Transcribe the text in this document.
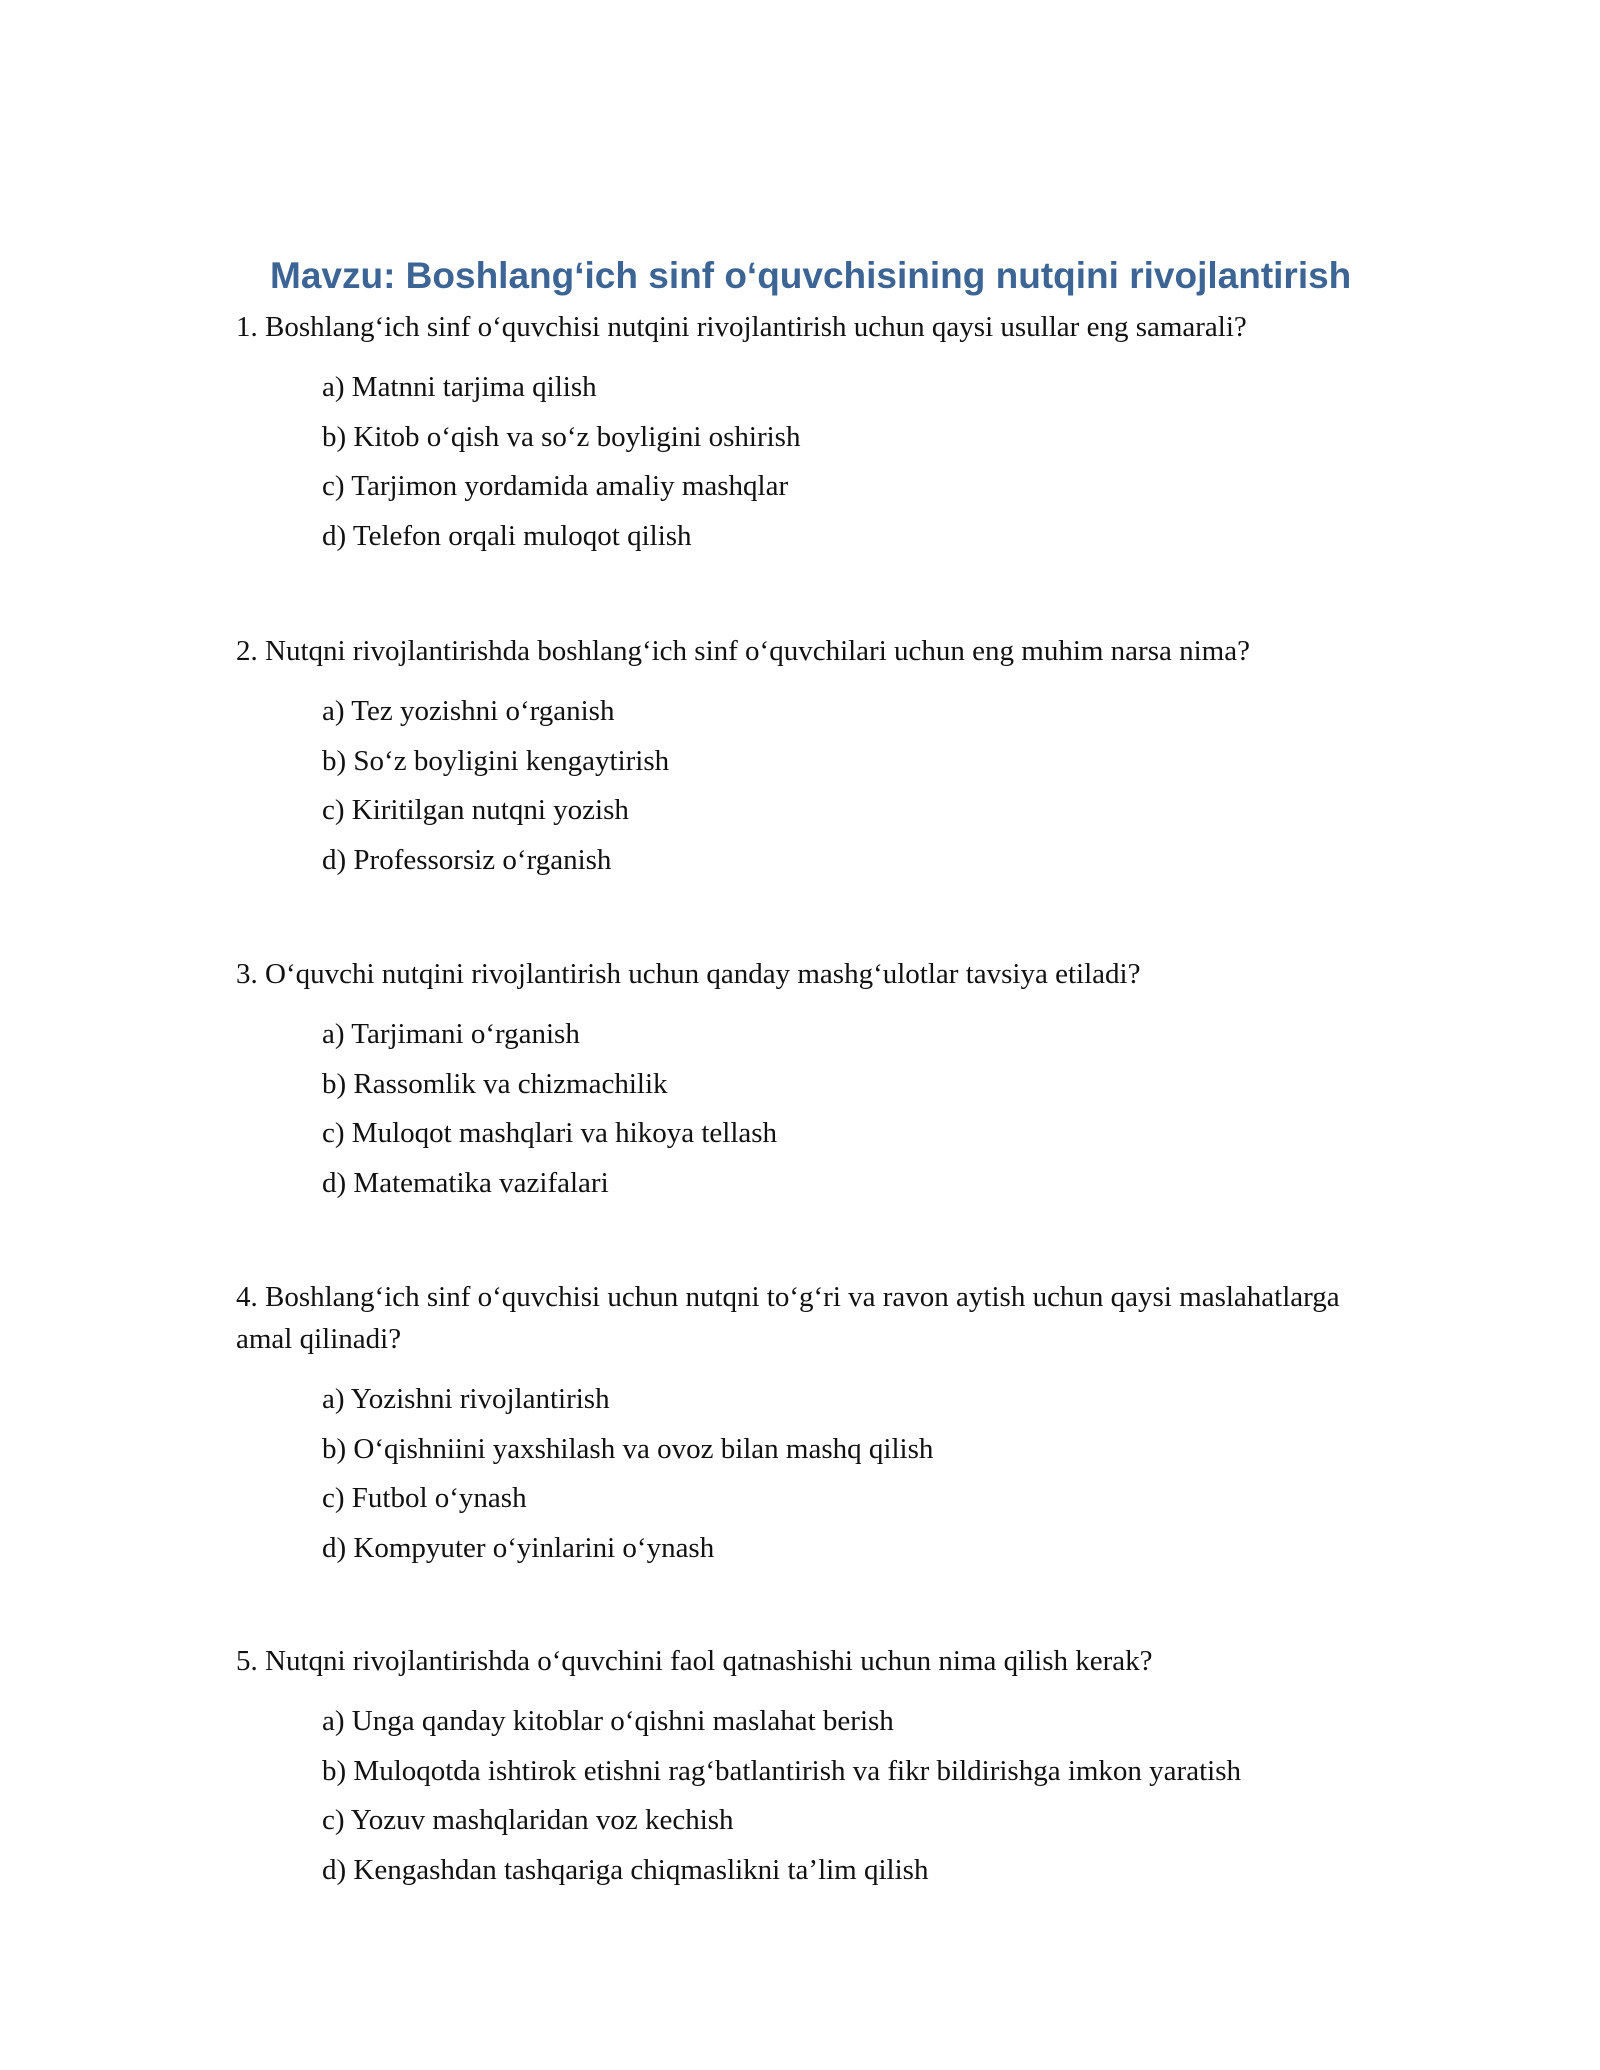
Mavzu: Boshlang‘ich sinf o‘quvchisining nutqini rivojlantirish
1. Boshlang‘ich sinf o‘quvchisi nutqini rivojlantirish uchun qaysi usullar eng samarali?
a) Matnni tarjima qilish
b) Kitob o‘qish va so‘z boyligini oshirish
c) Tarjimon yordamida amaliy mashqlar
d) Telefon orqali muloqot qilish
2. Nutqni rivojlantirishda boshlang‘ich sinf o‘quvchilari uchun eng muhim narsa nima?
a) Tez yozishni o‘rganish
b) So‘z boyligini kengaytirish
c) Kiritilgan nutqni yozish
d) Professorsiz o‘rganish
3. O‘quvchi nutqini rivojlantirish uchun qanday mashg‘ulotlar tavsiya etiladi?
a) Tarjimani o‘rganish
b) Rassomlik va chizmachilik
c) Muloqot mashqlari va hikoya tellash
d) Matematika vazifalari
4. Boshlang‘ich sinf o‘quvchisi uchun nutqni to‘g‘ri va ravon aytish uchun qaysi maslahatlarga amal qilinadi?
a) Yozishni rivojlantirish
b) O‘qishniini yaxshilash va ovoz bilan mashq qilish
c) Futbol o‘ynash
d) Kompyuter o‘yinlarini o‘ynash
5. Nutqni rivojlantirishda o‘quvchini faol qatnashishi uchun nima qilish kerak?
a) Unga qanday kitoblar o‘qishni maslahat berish
b) Muloqotda ishtirok etishni rag‘batlantirish va fikr bildirishga imkon yaratish
c) Yozuv mashqlaridan voz kechish
d) Kengashdan tashqariga chiqmaslikni ta’lim qilish
